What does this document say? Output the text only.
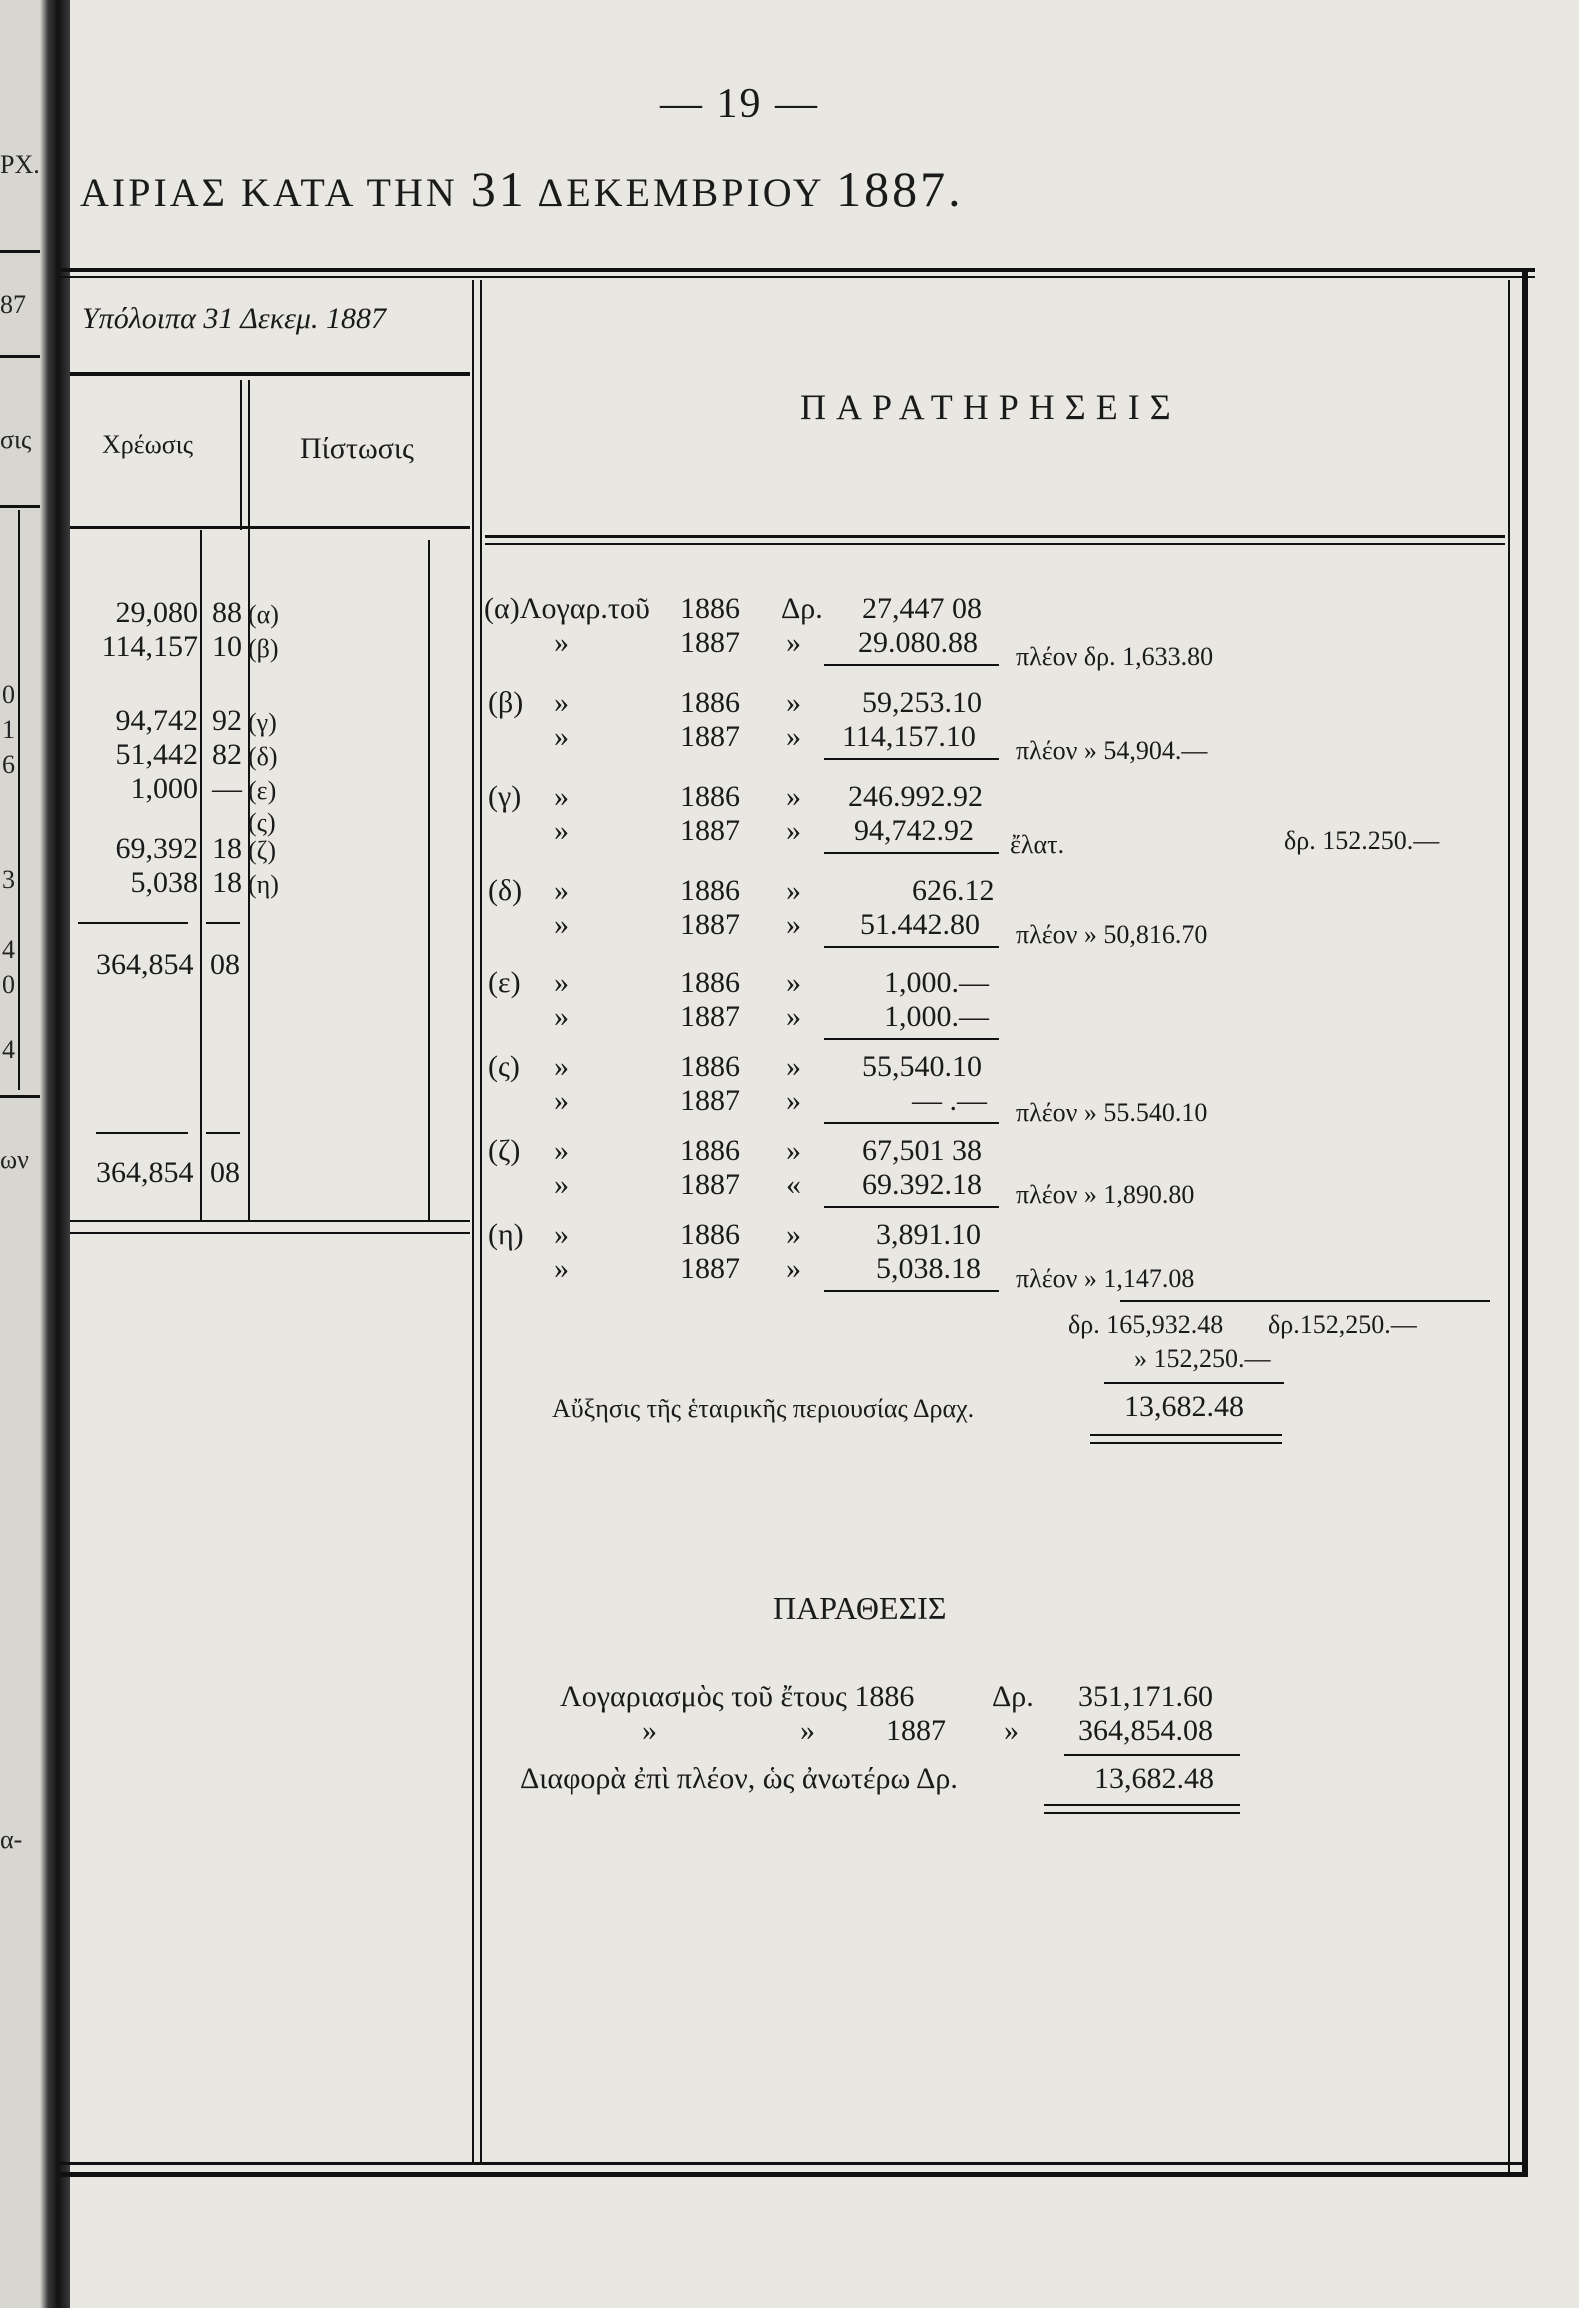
PX.
87
σις
0
1
6
3
4
0
4
ων
α-
— 19 —
ΑΙΡΙΑΣ ΚΑΤΑ ΤΗΝ 31 ΔΕΚΕΜΒΡΙΟΥ 1887.
Υπόλοιπα 31 Δεκεμ. 1887
Χρέωσις	Πίστωσις
29,080 88 (α)
114,157 10 (β)
94,742 92 (γ)
51,442 82 (δ)
1,000 — (ε)
(ς)
69,392 18 (ζ)
5,038 18 (η)
364,854 08
364,854 08
ΠΑΡΑΤΗΡΗΣΕΙΣ
(α)Λογαρ.τοῦ 1886 Δρ. 27,447 08
»	1887 » 29.080.88 πλέον δρ. 1,633.80
(β) »	1886 » 59,253.10
»	1887 » 114,157.10 πλέον » 54,904.—
(γ) »	1886 » 246.992.92
»	1887 » 94,742.92 ἔλατ.	δρ. 152.250.—
(δ) »	1886 »	626.12
»	1887 » 51.442.80 πλέον » 50,816.70
(ε) »	1886 »	1,000.—
»	1887 »	1,000.—
(ς) »	1886 » 55,540.10
»	1887 »	— .— πλέον » 55.540.10
(ζ) »	1886 » 67,501 38
»	1887 « 69.392.18 πλέον » 1,890.80
(η) »	1886 »	3,891.10
»	1887 »	5,038.18 πλέον » 1,147.08
δρ. 165,932.48 δρ.152,250.—
» 152,250.—
Αὔξησις τῆς ἑταιρικῆς περιουσίας Δραχ.	13,682.48
ΠΑΡΑΘΕΣΙΣ
Λογαριασμὸς τοῦ ἔτους 1886	Δρ. 351,171.60
»	» 1887 » 364,854.08
Διαφορὰ ἐπὶ πλέον, ὡς ἀνωτέρω Δρ.	13,682.48
